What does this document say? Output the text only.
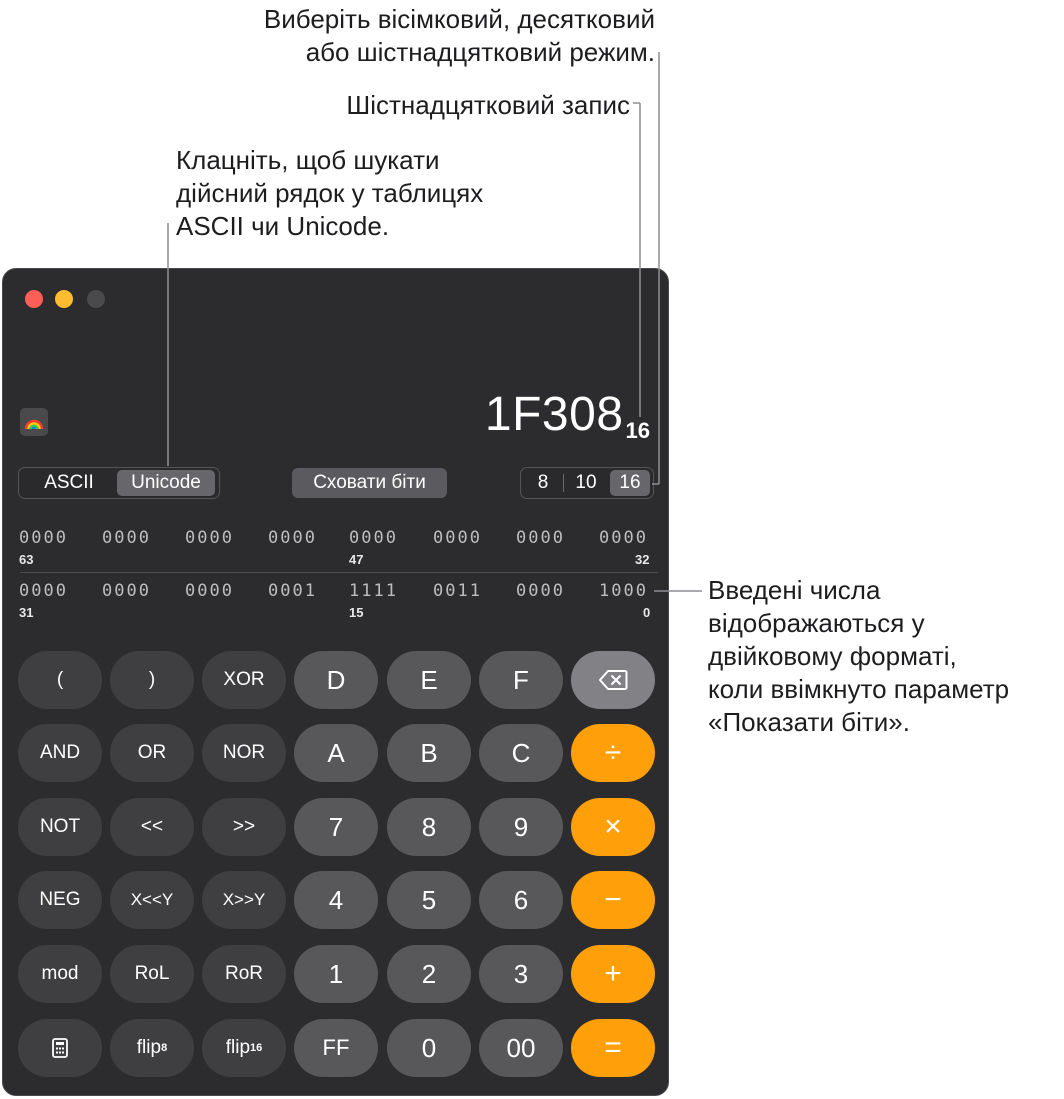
Виберіть вісімковий, десятковий
або шістнадцятковий режим.
Шістнадцятковий запис
Клацніть, щоб шукати
дійсний рядок у таблицях
ASCII чи Unicode.
Введені числа
відображаються у
двійковому форматі,
коли ввімкнуто параметр
«Показати біти».
1F30816
ASCII	Unicode	Сховати біти	8	10	16
0000	0000	0000	0000	0000	0000	0000	0000
63	47	32
0000	0000	0000	0001	1111	0011	0000	1000
31	15	0
(	)	XOR	D	E	F
AND	OR	NOR	A	B	C	÷
NOT	<<	>>	7	8	9	×
NEG	X<<Y	X>>Y	4	5	6	−
mod	RoL	RoR	1	2	3	+
flip 8	flip 16	FF	0	00	=
